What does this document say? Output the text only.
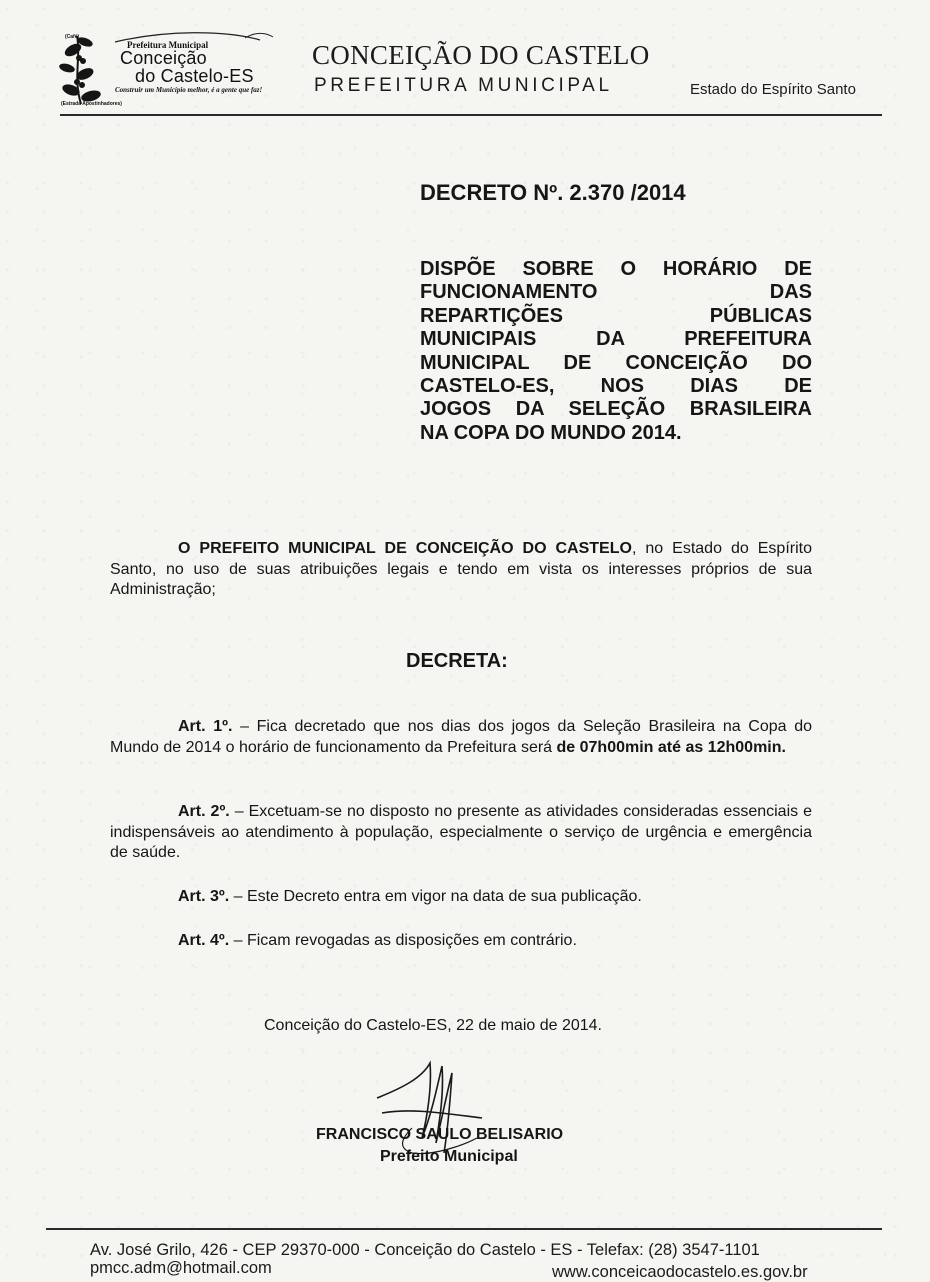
(Café)
Prefeitura Municipal
Conceição
do Castelo-ES
Construir um Município melhor, é a gente que faz!
(Estrada Apostinhadores)
CONCEIÇÃO DO CASTELO
PREFEITURA MUNICIPAL	Estado do Espírito Santo
DECRETO Nº. 2.370 /2014
DISPÕE SOBRE O HORÁRIO DE
FUNCIONAMENTO DAS
REPARTIÇÕES PÚBLICAS
MUNICIPAIS DA PREFEITURA
MUNICIPAL DE CONCEIÇÃO DO
CASTELO-ES, NOS DIAS DE
JOGOS DA SELEÇÃO BRASILEIRA
NA COPA DO MUNDO 2014.

O PREFEITO MUNICIPAL DE CONCEIÇÃO DO CASTELO, no Estado do Espírito Santo, no uso de suas atribuições legais e tendo em vista os interesses próprios de sua Administração;

DECRETA:

Art. 1º. – Fica decretado que nos dias dos jogos da Seleção Brasileira na Copa do Mundo de 2014 o horário de funcionamento da Prefeitura será de 07h00min até as 12h00min.

Art. 2º. – Excetuam-se no disposto no presente as atividades consideradas essenciais e indispensáveis ao atendimento à população, especialmente o serviço de urgência e emergência de saúde.

Art. 3º. – Este Decreto entra em vigor na data de sua publicação.

Art. 4º. – Ficam revogadas as disposições em contrário.

Conceição do Castelo-ES, 22 de maio de 2014.
FRANCISCO SAULO BELISARIO
Prefeito Municipal
Av. José Grilo, 426 - CEP 29370-000 - Conceição do Castelo - ES - Telefax: (28) 3547-1101
pmcc.adm@hotmail.com	www.conceicaodocastelo.es.gov.br
